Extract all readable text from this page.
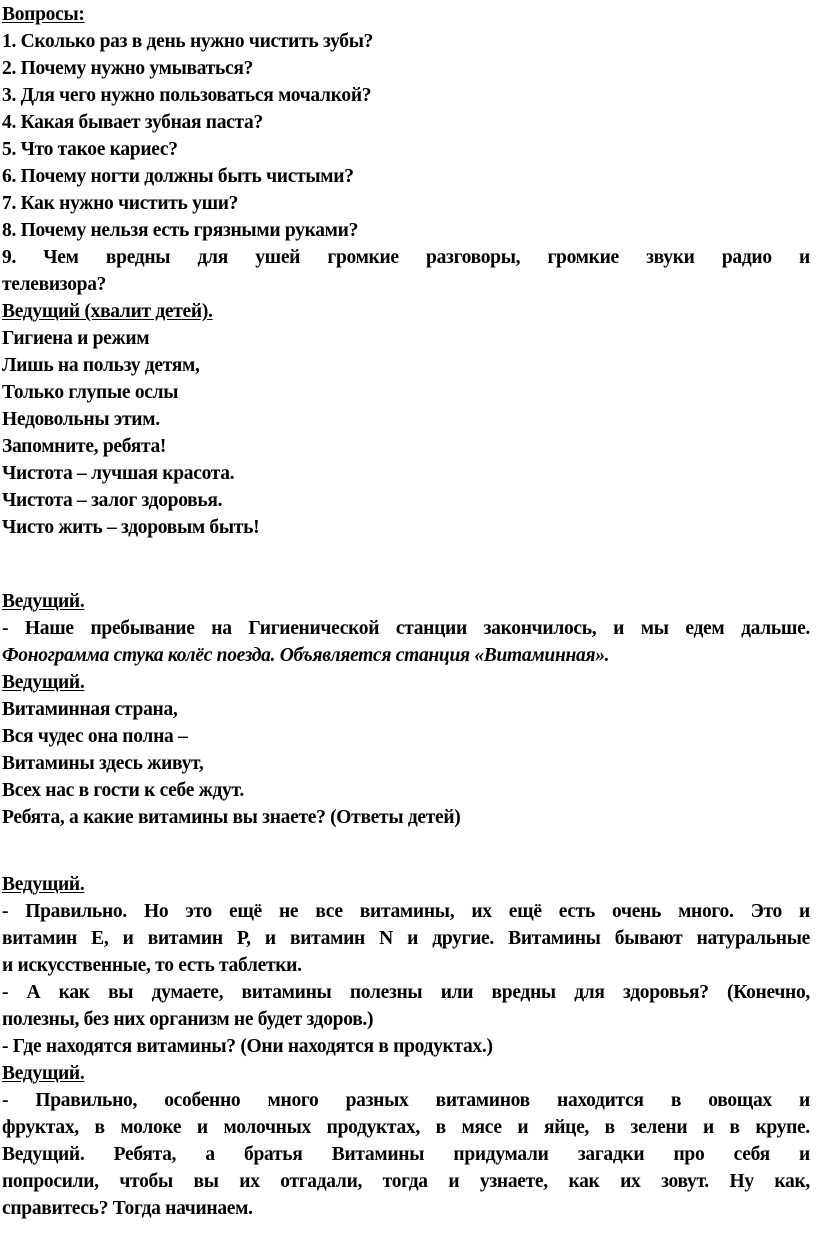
Вопросы:
1. Сколько раз в день нужно чистить зубы?
2. Почему нужно умываться?
3. Для чего нужно пользоваться мочалкой?
4. Какая бывает зубная паста?
5. Что такое кариес?
6. Почему ногти должны быть чистыми?
7. Как нужно чистить уши?
8. Почему нельзя есть грязными руками?
9. Чем вредны для ушей громкие разговоры, громкие звуки радио и
телевизора?
Ведущий (хвалит детей).
Гигиена и режим
Лишь на пользу детям,
Только глупые ослы
Недовольны этим.
Запомните, ребята!
Чистота – лучшая красота.
Чистота – залог здоровья.
Чисто жить – здоровым быть!
Ведущий.
- Наше пребывание на Гигиенической станции закончилось, и мы едем дальше.
Фонограмма стука колёс поезда. Объявляется станция «Витаминная».
Ведущий.
Витаминная страна,
Вся чудес она полна –
Витамины здесь живут,
Всех нас в гости к себе ждут.
Ребята, а какие витамины вы знаете? (Ответы детей)
Ведущий.
- Правильно. Но это ещё не все витамины, их ещё есть очень много. Это и
витамин Е, и витамин Р, и витамин N и другие. Витамины бывают натуральные
и искусственные, то есть таблетки.
- А как вы думаете, витамины полезны или вредны для здоровья? (Конечно,
полезны, без них организм не будет здоров.)
- Где находятся витамины? (Они находятся в продуктах.)
Ведущий.
- Правильно, особенно много разных витаминов находится в овощах и
фруктах, в молоке и молочных продуктах, в мясе и яйце, в зелени и в крупе.
Ведущий. Ребята, а братья Витамины придумали загадки про себя и
попросили, чтобы вы их отгадали, тогда и узнаете, как их зовут. Ну как,
справитесь? Тогда начинаем.
